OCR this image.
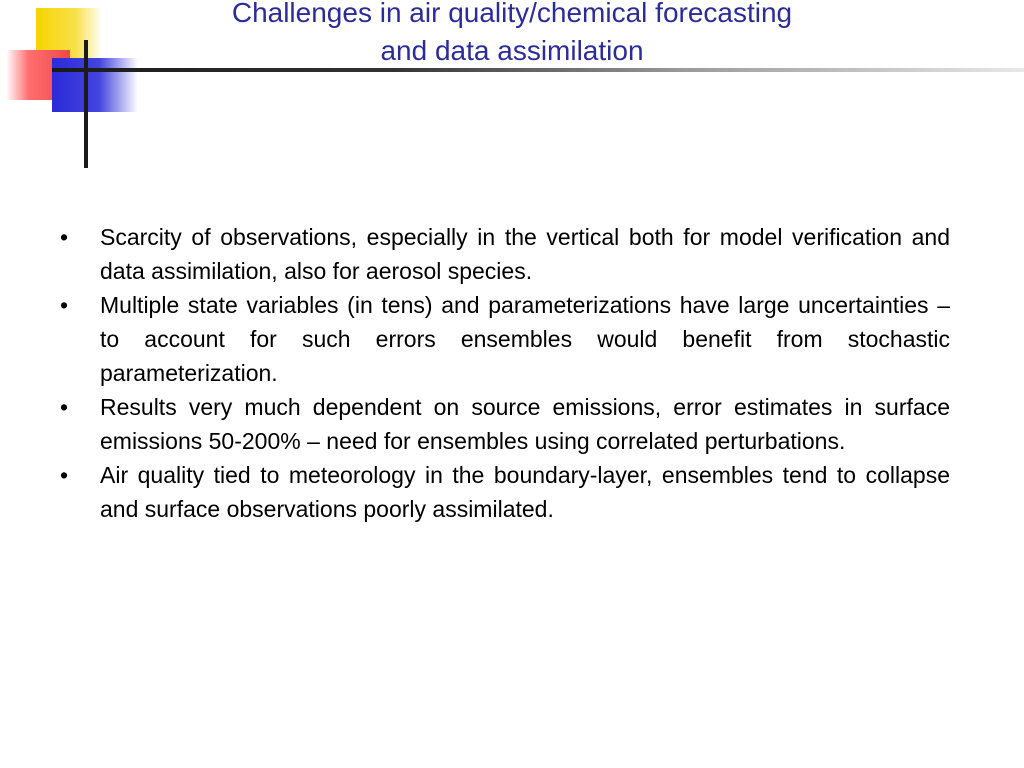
Challenges in air quality/chemical forecasting
and data assimilation
•	Scarcity of observations, especially in the vertical both for model verification and data assimilation, also for aerosol species.
•	Multiple state variables (in tens) and parameterizations have large uncertainties – to account for such errors ensembles would benefit from stochastic parameterization.
•	Results very much dependent on source emissions, error estimates in surface emissions 50-200% – need for ensembles using correlated perturbations.
•	Air quality tied to meteorology in the boundary-layer, ensembles tend to collapse and surface observations poorly assimilated.
